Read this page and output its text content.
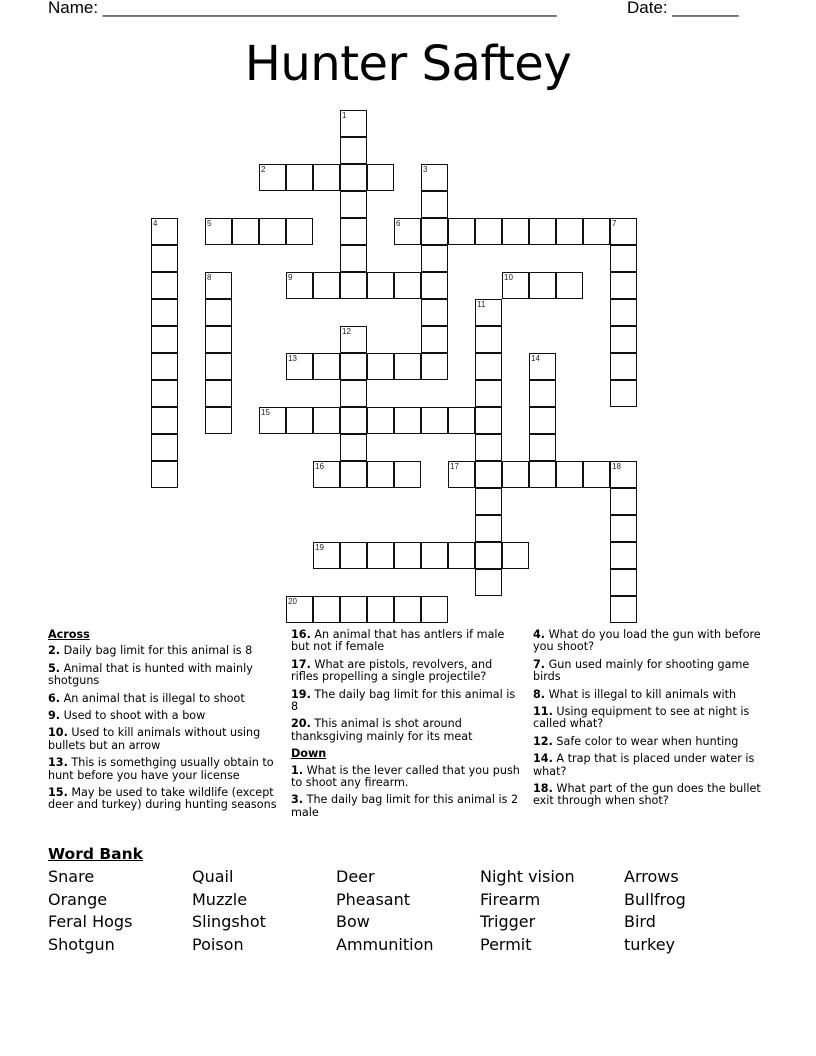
Name: ________________________________________________	Date: _______
Hunter Saftey
1
2	3
4	5	6	7
8	9	10
11
12
13	14
15
16	17	18
19
20
Across
2. Daily bag limit for this animal is 8
5. Animal that is hunted with mainly shotguns
6. An animal that is illegal to shoot
9. Used to shoot with a bow
10. Used to kill animals without using bullets but an arrow
13. This is somethging usually obtain to hunt before you have your license
15. May be used to take wildlife (except deer and turkey) during hunting seasons
16. An animal that has antlers if male but not if female
17. What are pistols, revolvers, and rifles propelling a single projectile?
19. The daily bag limit for this animal is 8
20. This animal is shot around thanksgiving mainly for its meat
Down
1. What is the lever called that you push to shoot any firearm.
3. The daily bag limit for this animal is 2 male
4. What do you load the gun with before you shoot?
7. Gun used mainly for shooting game birds
8. What is illegal to kill animals with
11. Using equipment to see at night is called what?
12. Safe color to wear when hunting
14. A trap that is placed under water is what?
18. What part of the gun does the bullet exit through when shot?
Word Bank
Snare
Orange
Feral Hogs
Shotgun
Quail
Muzzle
Slingshot
Poison
Deer
Pheasant
Bow
Ammunition
Night vision
Firearm
Trigger
Permit
Arrows
Bullfrog
Bird
turkey
